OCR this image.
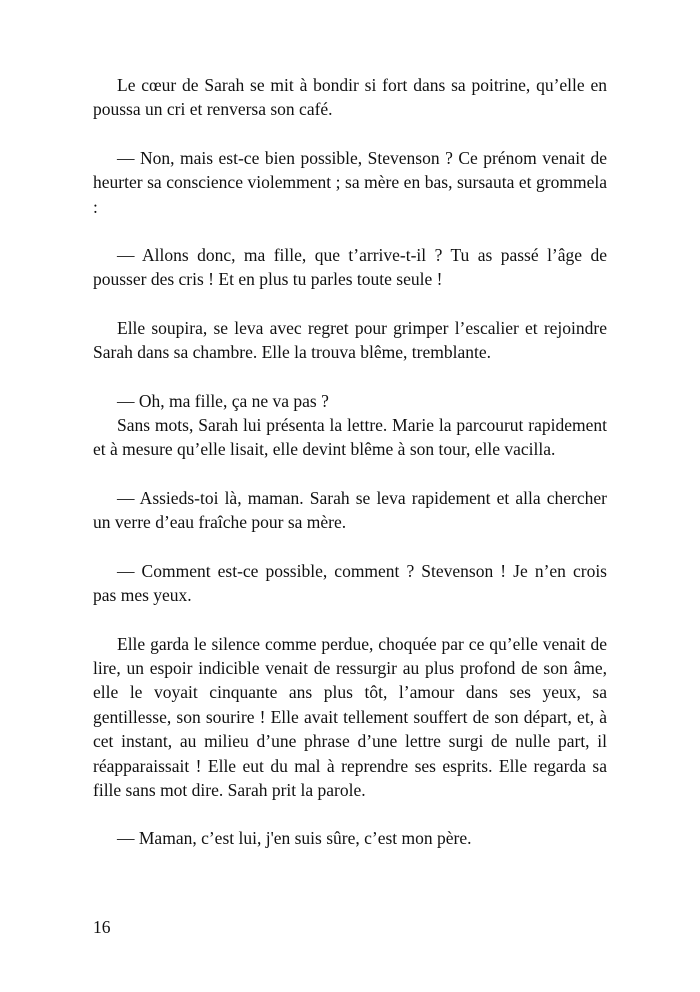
Le cœur de Sarah se mit à bondir si fort dans sa poitrine, qu’elle en poussa un cri et renversa son café.

— Non, mais est-ce bien possible, Stevenson ? Ce prénom venait de heurter sa conscience violemment ; sa mère en bas, sursauta et grommela :

— Allons donc, ma fille, que t’arrive-t-il ? Tu as passé l’âge de pousser des cris ! Et en plus tu parles toute seule !

Elle soupira, se leva avec regret pour grimper l’escalier et rejoindre Sarah dans sa chambre. Elle la trouva blême, tremblante.

— Oh, ma fille, ça ne va pas ?

Sans mots, Sarah lui présenta la lettre. Marie la parcourut rapidement et à mesure qu’elle lisait, elle devint blême à son tour, elle vacilla.

— Assieds-toi là, maman. Sarah se leva rapidement et alla chercher un verre d’eau fraîche pour sa mère.

— Comment est-ce possible, comment ? Stevenson ! Je n’en crois pas mes yeux.

Elle garda le silence comme perdue, choquée par ce qu’elle venait de lire, un espoir indicible venait de ressurgir au plus profond de son âme, elle le voyait cinquante ans plus tôt, l’amour dans ses yeux, sa gentillesse, son sourire ! Elle avait tellement souffert de son départ, et, à cet instant, au milieu d’une phrase d’une lettre surgi de nulle part, il réapparaissait ! Elle eut du mal à reprendre ses esprits. Elle regarda sa fille sans mot dire. Sarah prit la parole.

— Maman, c’est lui, j'en suis sûre, c’est mon père.

16
